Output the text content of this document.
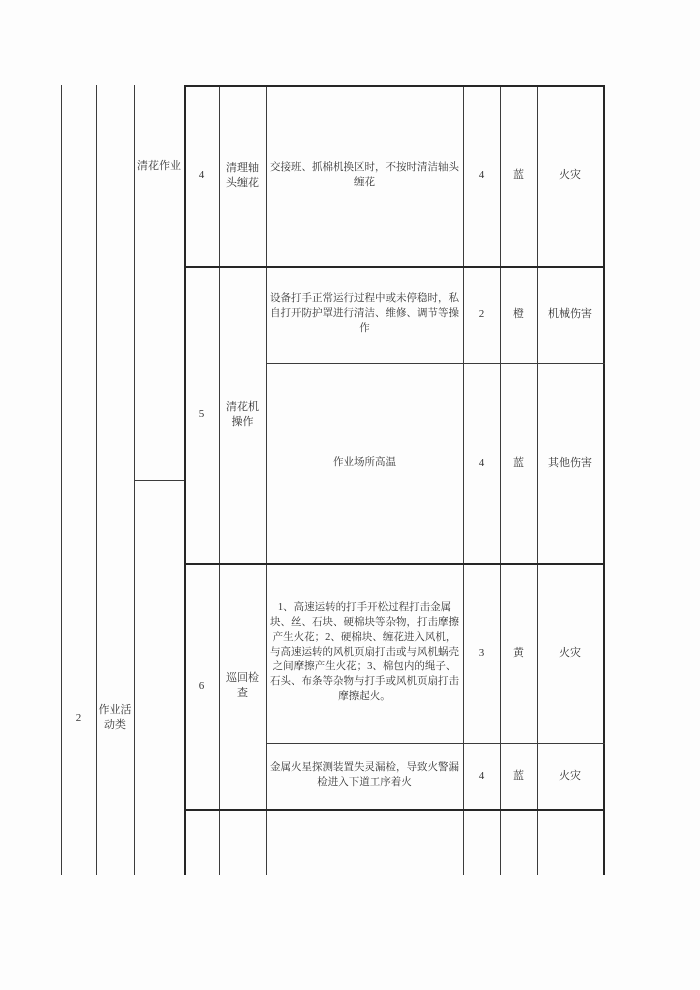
2
作业活动类
清花作业
4
清理轴头缠花
交接班、抓棉机换区时，不按时清洁轴头缠花
4	蓝	火灾
5
清花机操作
设备打手正常运行过程中或未停稳时，私自打开防护罩进行清洁、维修、调节等操作
2	橙	机械伤害
作业场所高温	4	蓝	其他伤害
6
巡回检查
1、高速运转的打手开松过程打击金属块、丝、石块、硬棉块等杂物，打击摩擦产生火花；2、硬棉块、缠花进入风机，与高速运转的风机页扇打击或与风机蜗壳之间摩擦产生火花；3、棉包内的绳子、石头、布条等杂物与打手或风机页扇打击摩擦起火。
3	黄	火灾
金属火星探测装置失灵漏检，导致火警漏检进入下道工序着火
4	蓝	火灾
